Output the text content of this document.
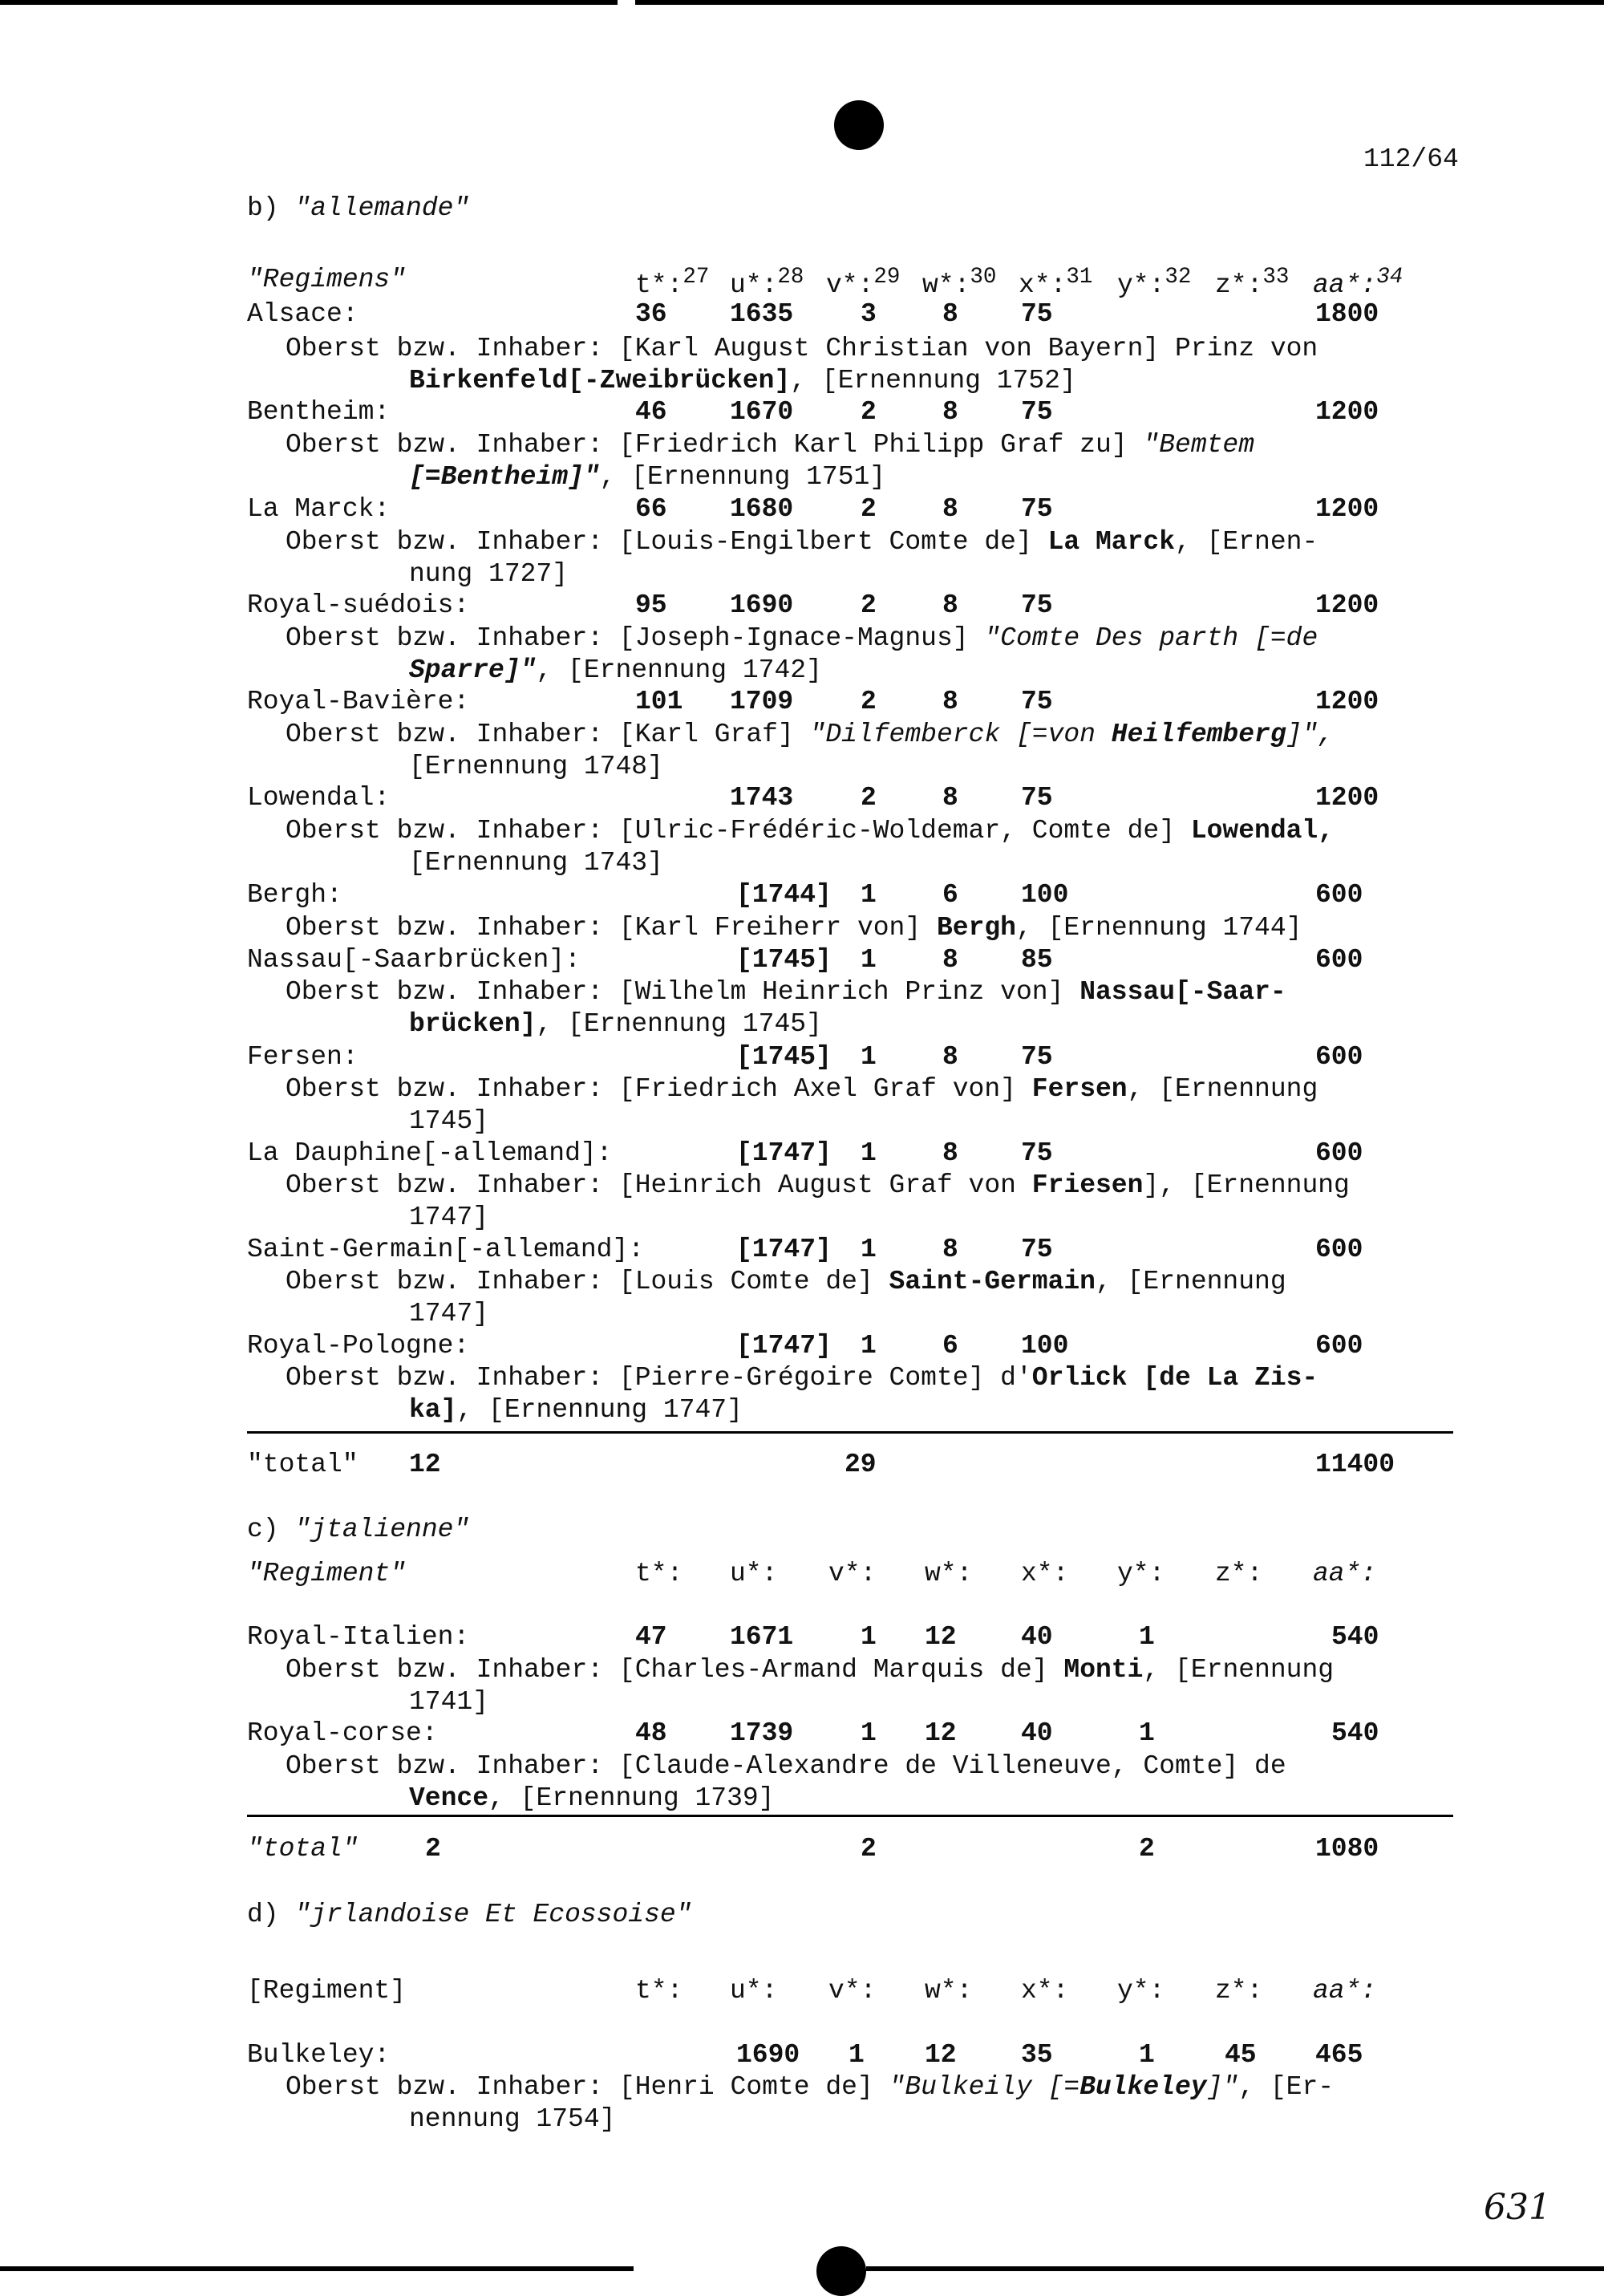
112/64
b) "allemande"
"Regimens"	t*:$^{27}$ u*:$^{28}$ v*:$^{29}$ w*:$^{30}$ x*:$^{31}$ y*:$^{32}$ z*:$^{33}$ aa*:$^{34}$
Alsace:	36 1635	3 8 75	1800
Oberst bzw. Inhaber: [Karl August Christian von Bayern] Prinz von
Birkenfeld[-Zweibrücken], [Ernennung 1752]
Bentheim:	46 1670	2 8 75	1200
Oberst bzw. Inhaber: [Friedrich Karl Philipp Graf zu] "Bemtem
[=Bentheim]", [Ernennung 1751]
La Marck:	66 1680	2 8 75	1200
Oberst bzw. Inhaber: [Louis-Engilbert Comte de] La Marck, [Ernen-
nung 1727]
Royal-suédois:	95 1690	2 8 75	1200
Oberst bzw. Inhaber: [Joseph-Ignace-Magnus] "Comte Des parth [=de
Sparre]", [Ernennung 1742]
Royal-Bavière:	101 1709	2 8 75	1200
Oberst bzw. Inhaber: [Karl Graf] "Dilfemberck [=von Heilfemberg]",
[Ernennung 1748]
Lowendal:	1743	2 8 75	1200
Oberst bzw. Inhaber: [Ulric-Frédéric-Woldemar, Comte de] Lowendal,
[Ernennung 1743]
Bergh:	[1744] 1 6 100	600
Oberst bzw. Inhaber: [Karl Freiherr von] Bergh, [Ernennung 1744]
Nassau[-Saarbrücken]:	[1745] 1 8 85	600
Oberst bzw. Inhaber: [Wilhelm Heinrich Prinz von] Nassau[-Saar-
brücken], [Ernennung 1745]
Fersen:	[1745] 1 8 75	600
Oberst bzw. Inhaber: [Friedrich Axel Graf von] Fersen, [Ernennung
1745]
La Dauphine[-allemand]:	[1747] 1 8 75	600
Oberst bzw. Inhaber: [Heinrich August Graf von Friesen], [Ernennung
1747]
Saint-Germain[-allemand]:	[1747] 1 8 75	600
Oberst bzw. Inhaber: [Louis Comte de] Saint-Germain, [Ernennung
1747]
Royal-Pologne:	[1747] 1 6 100	600
Oberst bzw. Inhaber: [Pierre-Grégoire Comte] d'Orlick [de La Zis-
ka], [Ernennung 1747]
"total" 12	29	11400
c) "jtalienne"
"Regiment"	t*: u*: v*: w*: x*: y*: z*: aa*:
Royal-Italien:	47 1671	1 12 40	1	540
Oberst bzw. Inhaber: [Charles-Armand Marquis de] Monti, [Ernennung
1741]
Royal-corse:	48 1739	1 12 40	1	540
Oberst bzw. Inhaber: [Claude-Alexandre de Villeneuve, Comte] de
Vence, [Ernennung 1739]
"total"	2	2	2	1080
d) "jrlandoise Et Ecossoise"
[Regiment]	t*: u*: v*: w*: x*: y*: z*: aa*:
Bulkeley:	1690 1 12 35	1	45 465
Oberst bzw. Inhaber: [Henri Comte de] "Bulkeily [=Bulkeley]", [Er-
nennung 1754]
631
